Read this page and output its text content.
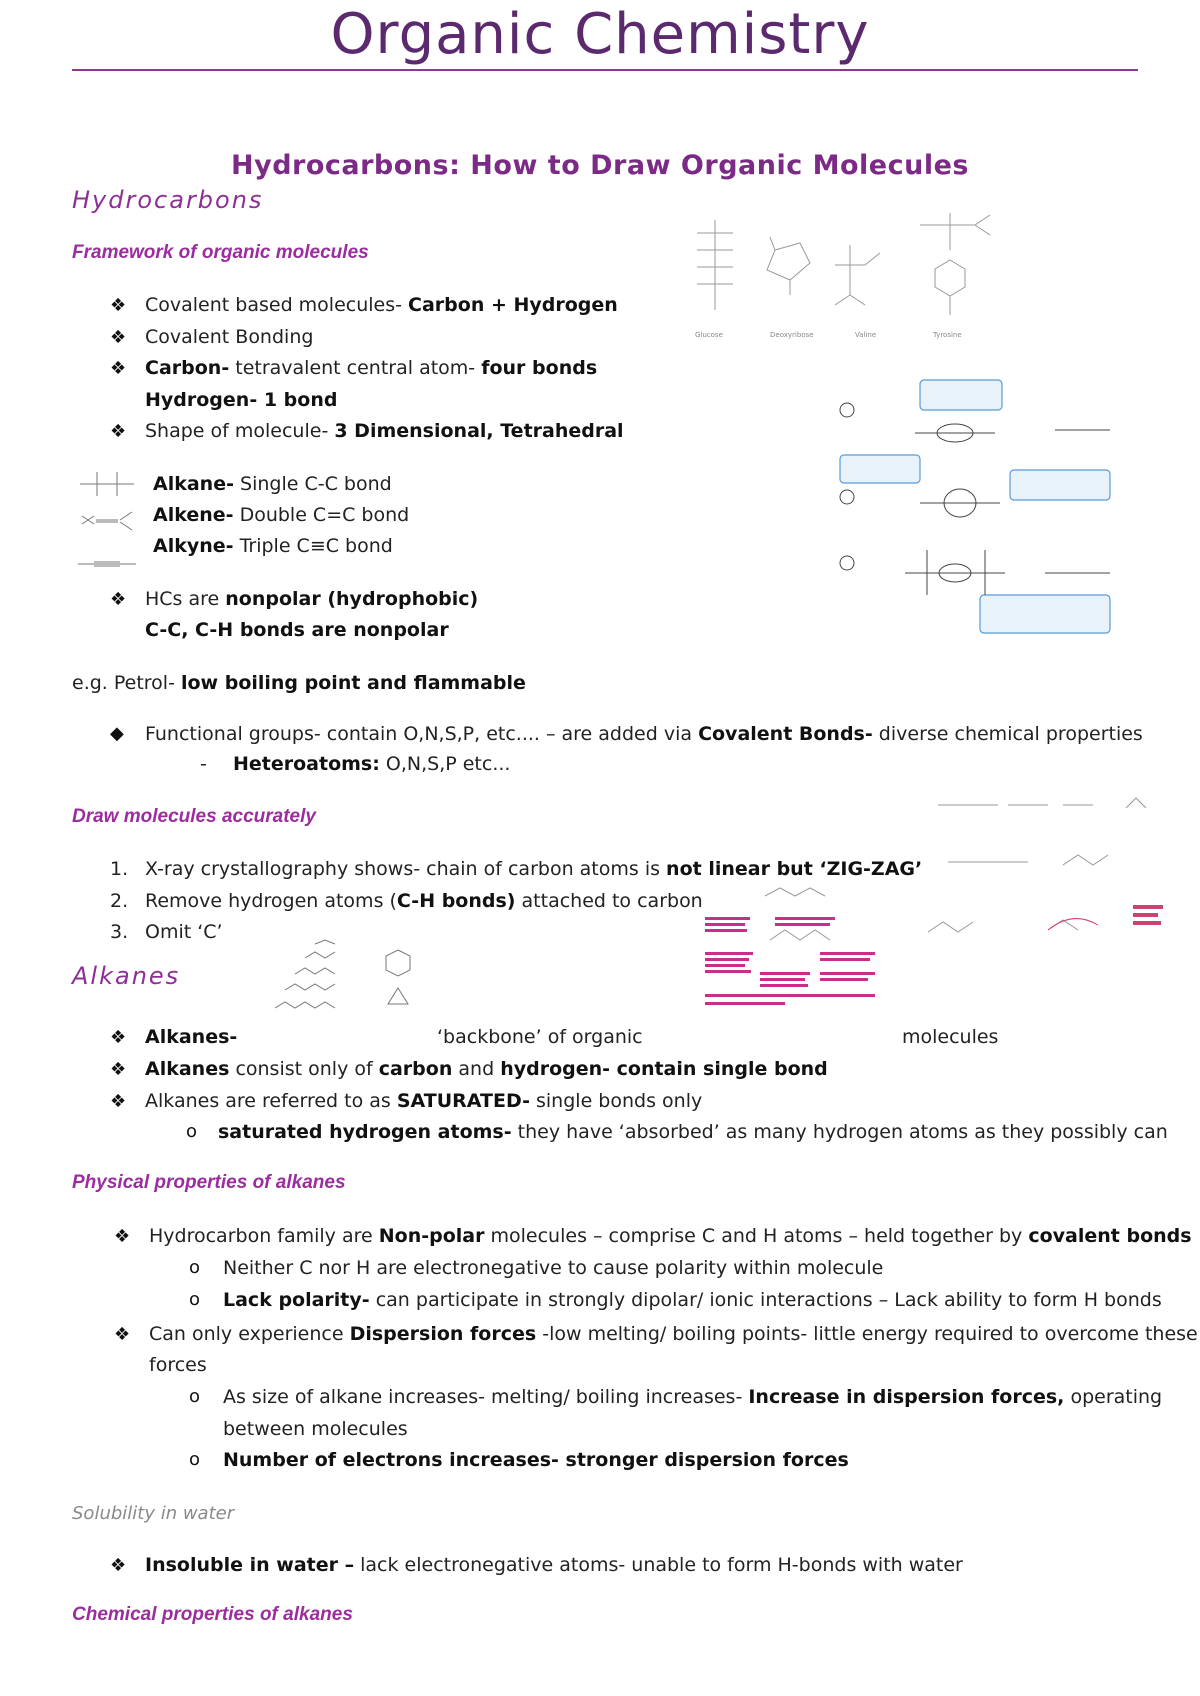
Organic Chemistry
Hydrocarbons: How to Draw Organic Molecules
Hydrocarbons
Framework of organic molecules
❖ Covalent based molecules- Carbon + Hydrogen
❖ Covalent Bonding
❖ Carbon- tetravalent central atom- four bonds
Hydrogen- 1 bond
❖ Shape of molecule- 3 Dimensional, Tetrahedral
Alkane- Single C-C bond
Alkene- Double C=C bond
Alkyne- Triple C≡C bond
❖ HCs are nonpolar (hydrophobic)
C-C, C-H bonds are nonpolar
e.g. Petrol- low boiling point and flammable
◆ Functional groups- contain O,N,S,P, etc.... – are added via Covalent Bonds- diverse chemical properties
- Heteroatoms: O,N,S,P etc...
Glucose	Deoxyribose	Valine	Tyrosine
Draw molecules accurately
1. X-ray crystallography shows- chain of carbon atoms is not linear but ‘ZIG-ZAG’
2. Remove hydrogen atoms (C-H bonds) attached to carbon
3. Omit ‘C’
Alkanes
❖ Alkanes-	‘backbone’ of organic	molecules
❖ Alkanes consist only of carbon and hydrogen- contain single bond
❖ Alkanes are referred to as SATURATED- single bonds only
o saturated hydrogen atoms- they have ‘absorbed’ as many hydrogen atoms as they possibly can
Physical properties of alkanes
❖ Hydrocarbon family are Non-polar molecules – comprise C and H atoms – held together by covalent bonds
o Neither C nor H are electronegative to cause polarity within molecule
o Lack polarity- can participate in strongly dipolar/ ionic interactions – Lack ability to form H bonds
❖ Can only experience Dispersion forces -low melting/ boiling points- little energy required to overcome these
forces
o As size of alkane increases- melting/ boiling increases- Increase in dispersion forces, operating
between molecules
o Number of electrons increases- stronger dispersion forces
Solubility in water
❖ Insoluble in water – lack electronegative atoms- unable to form H-bonds with water
Chemical properties of alkanes
